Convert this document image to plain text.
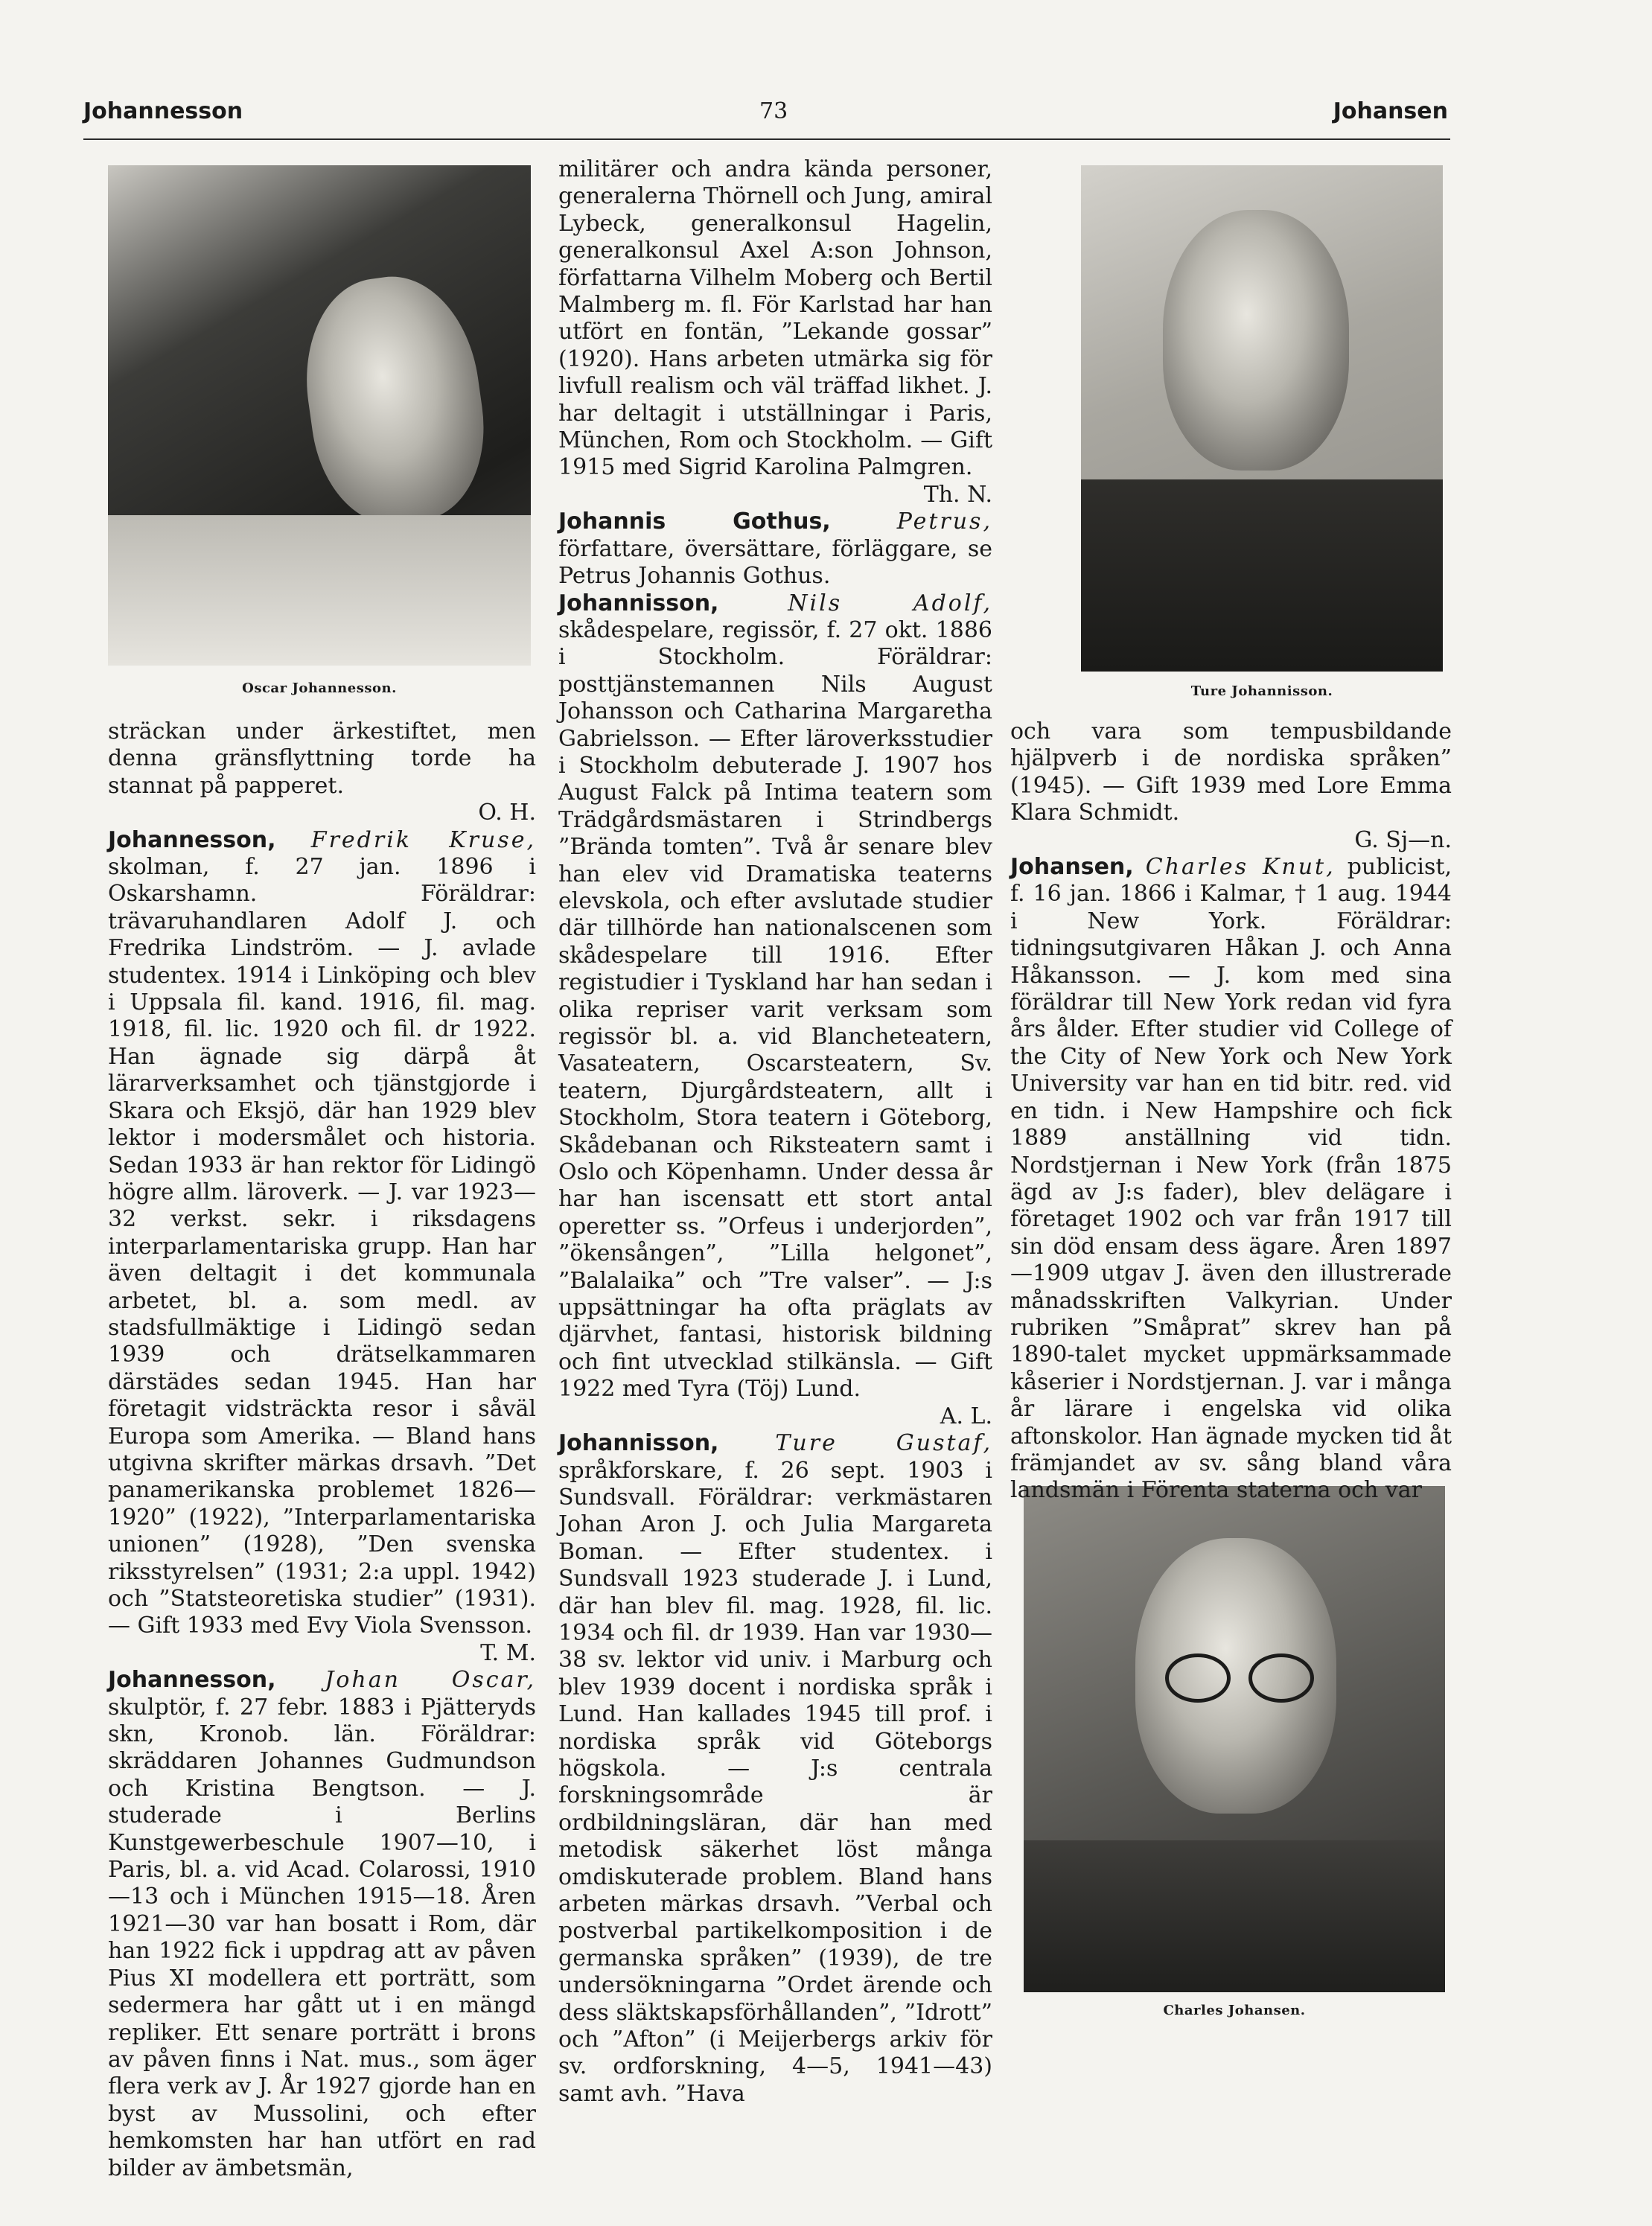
Johannesson	73	Johansen
Oscar Johannesson.	Ture Johannisson.
Charles Johansen.

sträckan under ärkestiftet, men denna gränsflyttning torde ha stannat på papperet.
O. H.

Johannesson, Fredrik Kruse, skolman, f. 27 jan. 1896 i Oskarshamn. Föräldrar: trävaruhandlaren Adolf J. och Fredrika Lindström. — J. avlade studentex. 1914 i Linköping och blev i Uppsala fil. kand. 1916, fil. mag. 1918, fil. lic. 1920 och fil. dr 1922. Han ägnade sig därpå åt lärarverksamhet och tjänstgjorde i Skara och Eksjö, där han 1929 blev lektor i modersmålet och historia. Sedan 1933 är han rektor för Lidingö högre allm. läroverk. — J. var 1923—32 verkst. sekr. i riksdagens interparlamentariska grupp. Han har även deltagit i det kommunala arbetet, bl. a. som medl. av stadsfullmäktige i Lidingö sedan 1939 och drätselkammaren därstädes sedan 1945. Han har företagit vidsträckta resor i såväl Europa som Amerika. — Bland hans utgivna skrifter märkas drsavh. ”Det panamerikanska problemet 1826—1920” (1922), ”Interparlamentariska unionen” (1928), ”Den svenska riksstyrelsen” (1931; 2:a uppl. 1942) och ”Statsteoretiska studier” (1931). — Gift 1933 med Evy Viola Svensson.
T. M.

Johannesson, Johan Oscar, skulptör, f. 27 febr. 1883 i Pjätteryds skn, Kronob. län. Föräldrar: skräddaren Johannes Gudmundson och Kristina Bengtson. — J. studerade i Berlins Kunstgewerbeschule 1907—10, i Paris, bl. a. vid Acad. Colarossi, 1910—13 och i München 1915—18. Åren 1921—30 var han bosatt i Rom, där han 1922 fick i uppdrag att av påven Pius XI modellera ett porträtt, som sedermera har gått ut i en mängd repliker. Ett senare porträtt i brons av påven finns i Nat. mus., som äger flera verk av J. År 1927 gjorde han en byst av Mussolini, och efter hemkomsten har han utfört en rad bilder av ämbetsmän,

militärer och andra kända personer, generalerna Thörnell och Jung, amiral Lybeck, generalkonsul Hagelin, generalkonsul Axel A:son Johnson, författarna Vilhelm Moberg och Bertil Malmberg m. fl. För Karlstad har han utfört en fontän, ”Lekande gossar” (1920). Hans arbeten utmärka sig för livfull realism och väl träffad likhet. J. har deltagit i utställningar i Paris, München, Rom och Stockholm. — Gift 1915 med Sigrid Karolina Palmgren.
Th. N.

Johannis Gothus,	Petrus, författare, översättare, förläggare, se Petrus Johannis Gothus.

Johannisson,	Nils Adolf, skådespelare, regissör, f. 27 okt. 1886 i Stockholm. Föräldrar: posttjänstemannen Nils August Johansson och Catharina Margaretha Gabrielsson. — Efter läroverksstudier i Stockholm debuterade J. 1907 hos August Falck på Intima teatern som Trädgårdsmästaren i Strindbergs ”Brända tomten”. Två år senare blev han elev vid Dramatiska teaterns elevskola, och efter avslutade studier där tillhörde han nationalscenen som skådespelare till 1916. Efter registudier i Tyskland har han sedan i olika repriser varit verksam som regissör bl. a. vid Blancheteatern, Vasateatern, Oscarsteatern, Sv. teatern, Djurgårdsteatern, allt i Stockholm, Stora teatern i Göteborg, Skådebanan och Riksteatern samt i Oslo och Köpenhamn. Under dessa år har han iscensatt ett stort antal operetter ss. ”Orfeus i underjorden”, ”ökensången”, ”Lilla helgonet”, ”Balalaika” och ”Tre valser”. — J:s uppsättningar ha ofta präglats av djärvhet, fantasi, historisk bildning och fint utvecklad stilkänsla. — Gift 1922 med Tyra (Töj) Lund.
A. L.

Johannisson,	Ture Gustaf, språkforskare, f. 26 sept. 1903 i Sundsvall. Föräldrar: verkmästaren Johan Aron J. och Julia Margareta Boman. — Efter studentex. i Sundsvall 1923 studerade J. i Lund, där han blev fil. mag. 1928, fil. lic. 1934 och fil. dr 1939. Han var 1930—38 sv. lektor vid univ. i Marburg och blev 1939 docent i nordiska språk i Lund. Han kallades 1945 till prof. i nordiska språk vid Göteborgs högskola. — J:s centrala forskningsområde är ordbildningsläran, där han med metodisk säkerhet löst många omdiskuterade problem. Bland hans arbeten märkas drsavh. ”Verbal och postverbal partikelkomposition i de germanska språken” (1939), de tre undersökningarna ”Ordet ärende och dess släktskapsförhållanden”, ”Idrott” och ”Afton” (i Meijerbergs arkiv för sv. ordforskning, 4—5, 1941—43) samt avh. ”Hava

och vara som tempusbildande hjälpverb i de nordiska språken” (1945). — Gift 1939 med Lore Emma Klara Schmidt.
G. Sj—n.

Johansen, Charles Knut, publicist, f. 16 jan. 1866 i Kalmar, † 1 aug. 1944 i New York. Föräldrar: tidningsutgivaren Håkan J. och Anna Håkansson. — J. kom med sina föräldrar till New York redan vid fyra års ålder. Efter studier vid College of the City of New York och New York University var han en tid bitr. red. vid en tidn. i New Hampshire och fick 1889 anställning vid tidn. Nordstjernan i New York (från 1875 ägd av J:s fader), blev delägare i företaget 1902 och var från 1917 till sin död ensam dess ägare. Åren 1897—1909 utgav J. även den illustrerade månadsskriften Valkyrian. Under rubriken ”Småprat” skrev han på 1890-talet mycket uppmärksammade kåserier i Nordstjernan. J. var i många år lärare i engelska vid olika aftonskolor. Han ägnade mycken tid åt främjandet av sv. sång bland våra landsmän i Förenta staterna och var
